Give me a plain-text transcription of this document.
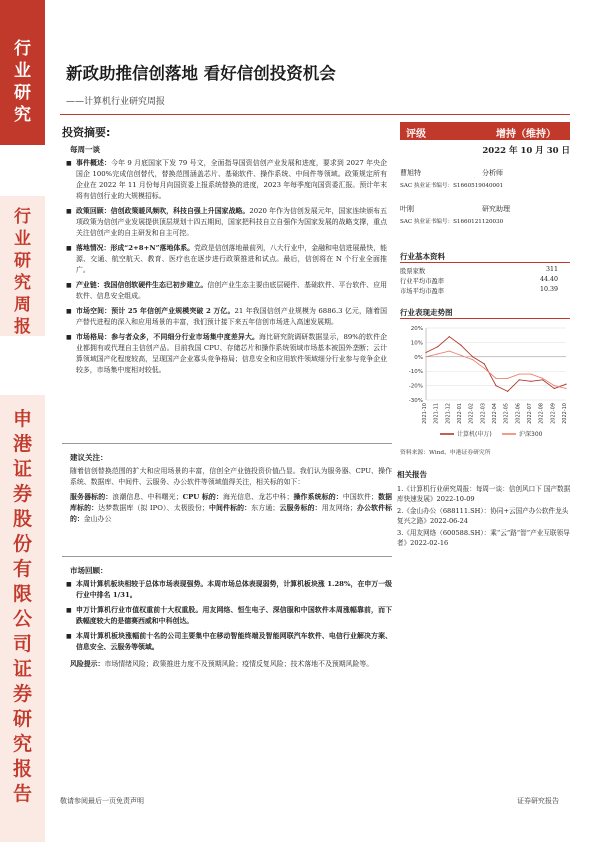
行
业
研
究
行
业
研
究
周
报
申
港
证
券
股
份
有
限
公
司
证
券
研
究
报
告
新政助推信创落地 看好信创投资机会
——计算机行业研究周报
投资摘要:
每周一谈
■ 事件概述：今年 9 月底国家下发 79 号文，全面指导国资信创产业发展和进度，要求到 2027 年央企国企 100%完成信创替代，替换范围涵盖芯片、基础软件、操作系统、中间件等领域。政策规定所有企业在 2022 年 11 月份每月向国资委上报系统替换的进度，2023 年每季度向国资委汇报。预计年末将有信创行业的大规模招标。
■ 政策回顾：信创政策暖风频吹，科技自强上升国家战略。2020 年作为信创发展元年，国家连续颁布五项政策为信创产业发展提供顶层规划十四五期间，国家把科技自立自强作为国家发展的战略支撑，重点关注信创产业的自主研发和自主可控。
■ 落地情况：形成“2+8+N”落地体系。党政是信创落地最前列，八大行业中，金融和电信进展最快，能源、交通、航空航天、教育、医疗也在逐步进行政策推进和试点。最后，信创将在 N 个行业全面推广。
■ 产业链：我国信创软硬件生态已初步建立。信创产业生态主要由底层硬件、基础软件、平台软件、应用软件、信息安全组成。
■ 市场空间：预计 25 年信创产业规模突破 2 万亿。21 年我国信创产业规模为 6886.3 亿元，随着国产替代进程的深入和应用场景的丰富，我们预计接下来五年信创市场进入高速发展期。
■ 市场格局：参与者众多，不同细分行业市场集中度差异大。海比研究院调研数据显示，89%的软件企业都拥有或代理自主信创产品。目前我国 CPU、存储芯片和操作系统领域市场基本被国外垄断；云计算领域国产化程度较高，呈现国产企业寡头竞争格局；信息安全和应用软件领域细分行业参与竞争企业较多，市场集中度相对较低。
建议关注：
随着信创替换范围的扩大和应用场景的丰富，信创全产业链投资价值凸显。我们认为服务器、CPU、操作系统、数据库、中间件、云服务、办公软件等领域值得关注，相关标的如下：
服务器标的：浪潮信息、中科曙光；CPU 标的：海光信息、龙芯中科；操作系统标的：中国软件；数据库标的：达梦数据库（拟 IPO）、太极股份；中间件标的：东方通；云服务标的：用友网络；办公软件标的：金山办公
市场回顾：
■ 本周计算机板块相较于总体市场表现强势。本周市场总体表现弱势，计算机板块涨 1.28%，在申万一级行业中排名 1/31。
■ 申万计算机行业市值权重前十大权重股。用友网络、恒生电子、深信服和中国软件本周涨幅靠前，而下跌幅度较大的是德赛西威和中科创达。
■ 本周计算机板块涨幅前十名的公司主要集中在移动智能终端及智能网联汽车软件、电信行业解决方案、信息安全、云服务等领域。
风险提示：市场情绪风险；政策推进力度不及预期风险；疫情反复风险；技术落地不及预期风险等。
评级	增持（维持）
2022 年 10 月 30 日
曹旭特	分析师
SAC 执业证书编号：S1660519040001
叶刚	研究助理
SAC 执业证书编号：S1660121120030
行业基本资料
股票家数	311
行业平均市盈率	44.40
市场平均市盈率	10.39
行业表现走势图
20%
10%
0%
-10%
-20%
-30%
2021-10 2021-11 2021-12 2022-01 2022-02 2022-03 2022-04 2022-05 2022-06 2022-07 2022-08 2022-09 2022-10
计算机(申万)	沪深300
资料来源：Wind、申港证券研究所
相关报告

1.《计算机行业研究周报：每周一谈：信创风口下 国产数据库快速发展》2022-10-09

2.《金山办公（688111.SH）：协同+云国产办公软件龙头复兴之路》2022-06-24

3.《用友网络（600588.SH）：乘“云”路“智”产业互联领导者》2022-02-16

敬请参阅最后一页免责声明	证券研究报告
